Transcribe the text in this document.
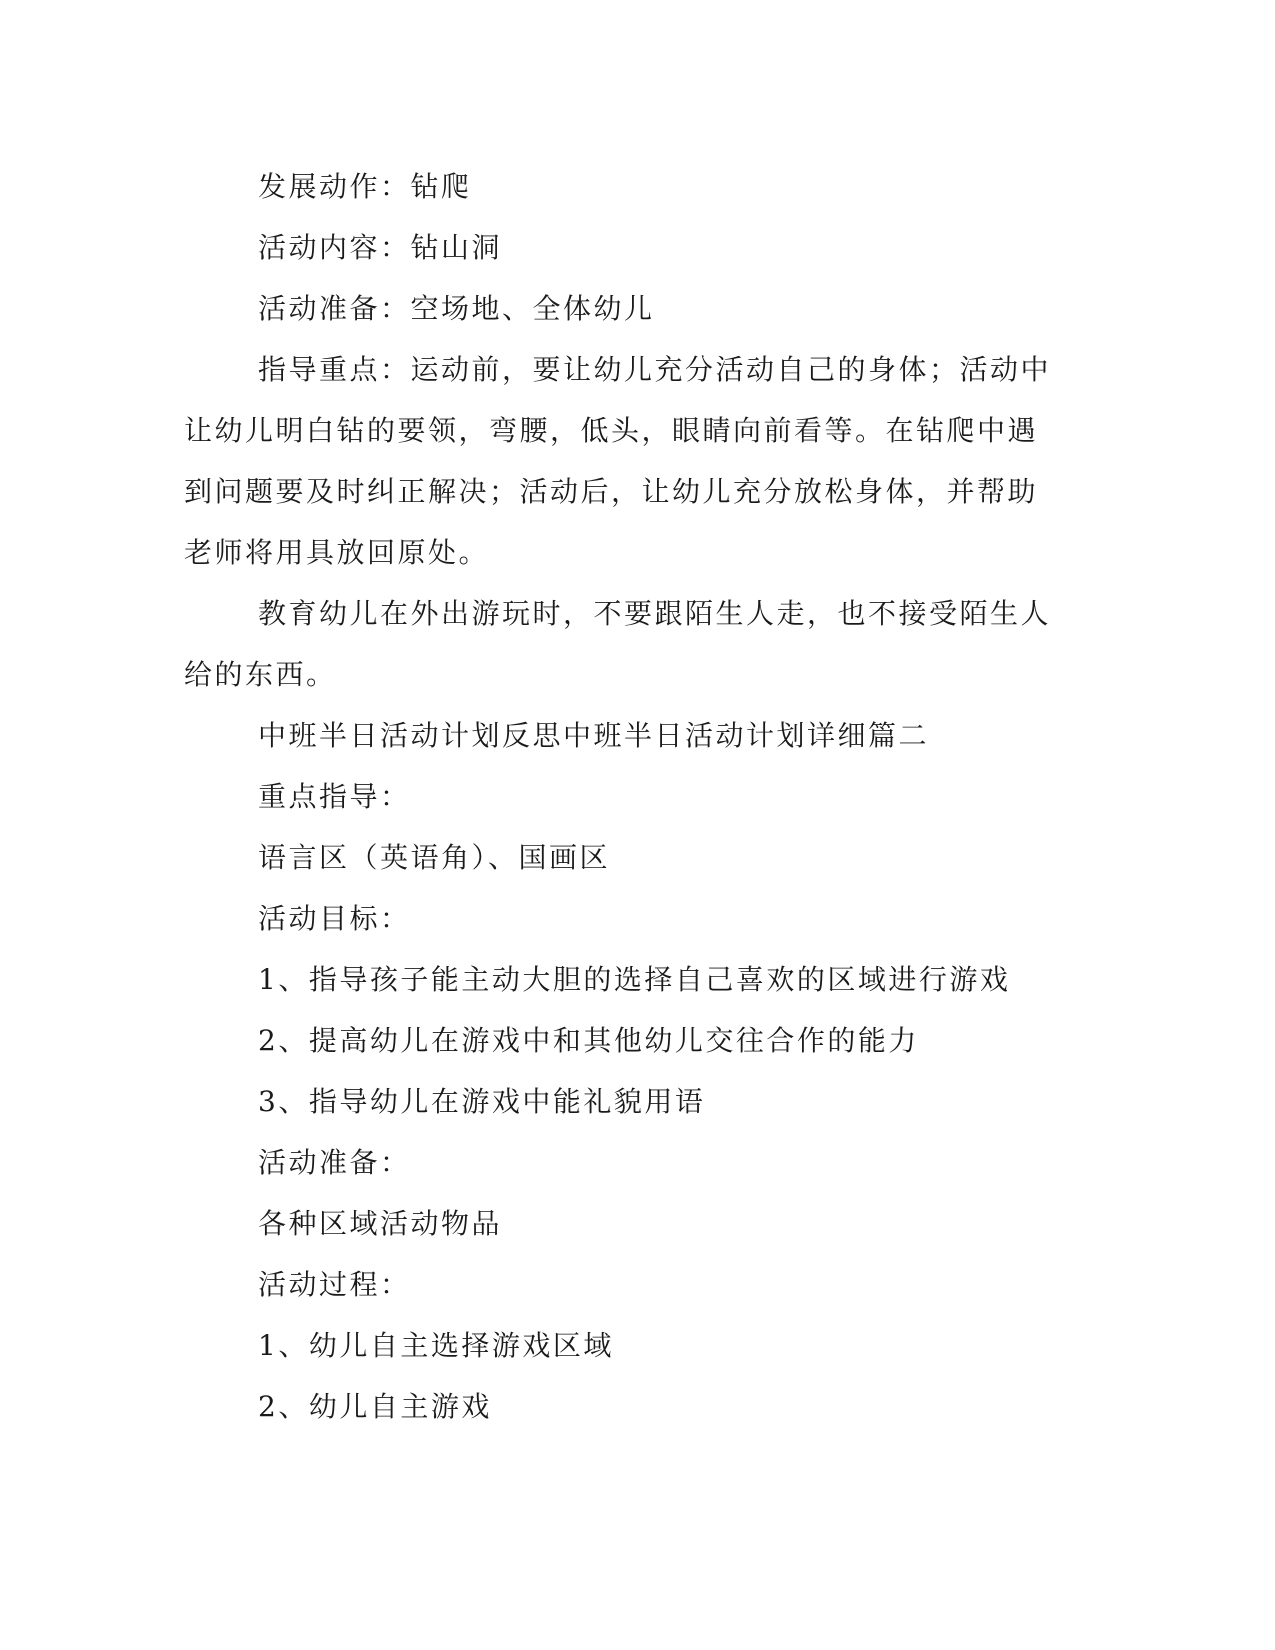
发展动作：钻爬

活动内容：钻山洞

活动准备：空场地、全体幼儿

指导重点：运动前，要让幼儿充分活动自己的身体；活动中让幼儿明白钻的要领，弯腰，低头，眼睛向前看等。在钻爬中遇到问题要及时纠正解决；活动后，让幼儿充分放松身体，并帮助老师将用具放回原处。

教育幼儿在外出游玩时，不要跟陌生人走，也不接受陌生人给的东西。

中班半日活动计划反思中班半日活动计划详细篇二

重点指导：

语言区（英语角）、国画区

活动目标：

1、指导孩子能主动大胆的选择自己喜欢的区域进行游戏

2、提高幼儿在游戏中和其他幼儿交往合作的能力

3、指导幼儿在游戏中能礼貌用语

活动准备：

各种区域活动物品

活动过程：

1、幼儿自主选择游戏区域

2、幼儿自主游戏
